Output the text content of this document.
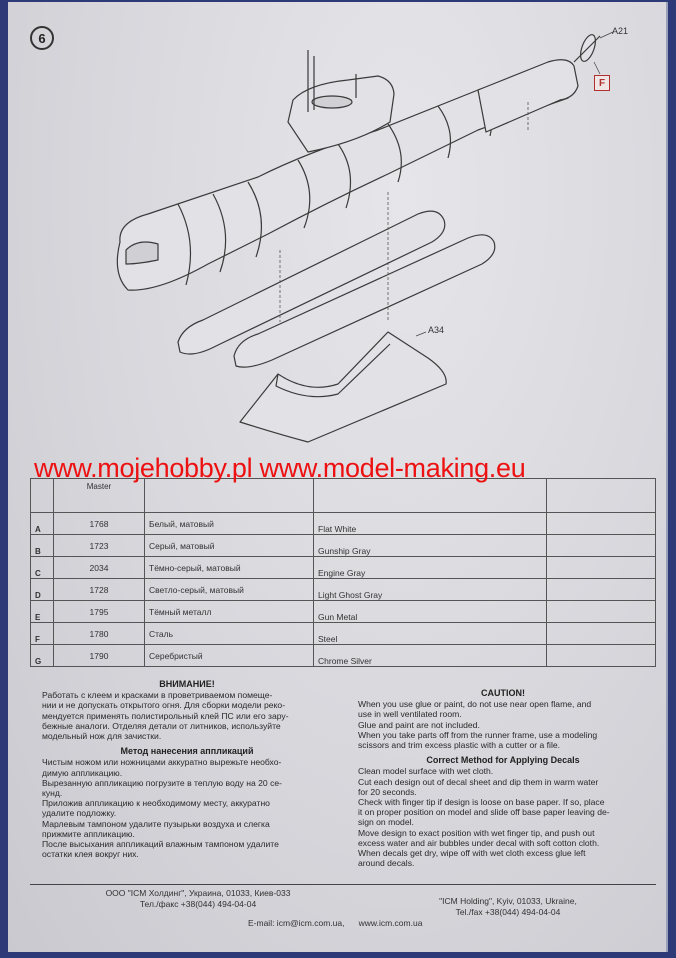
6	A21
A34
F
	Master			
A	1768	Белый, матовый	Flat White	
B	1723	Серый, матовый	Gunship Gray	
C	2034	Тёмно-серый, матовый	Engine Gray	
D	1728	Светло-серый, матовый	Light Ghost Gray	
E	1795	Тёмный металл	Gun Metal	
F	1780	Сталь	Steel	
G	1790	Серебристый	Chrome Silver	
ВНИМАНИЕ!

Работать с клеем и красками в проветриваемом помеще-

нии и не допускать открытого огня. Для сборки модели реко-

мендуется применять полистирольный клей ПС или его зару-

бежные аналоги. Отделяя детали от литников, используйте

модельный нож для зачистки.

Метод нанесения аппликаций

Чистым ножом или ножницами аккуратно вырежьте необхо-

димую аппликацию.

Вырезанную аппликацию погрузите в теплую воду на 20 се-

кунд.

Приложив аппликацию к необходимому месту, аккуратно

удалите подложку.

Марлевым тампоном удалите пузырьки воздуха и слегка

прижмите аппликацию.

После высыхания аппликаций влажным тампоном удалите

остатки клея вокруг них.

CAUTION!

When you use glue or paint, do not use near open flame, and

use in well ventilated room.

Glue and paint are not included.

When you take parts off from the runner frame, use a modeling

scissors and trim excess plastic with a cutter or a file.

Correct Method for Applying Decals

Clean model surface with wet cloth.

Cut each design out of decal sheet and dip them in warm water

for 20 seconds.

Check with finger tip if design is loose on base paper. If so, place

it on proper position on model and slide off base paper leaving de-

sign on model.

Move design to exact position with wet finger tip, and push out

excess water and air bubbles under decal with soft cotton cloth.

When decals get dry, wipe off with wet cloth excess glue left

around decals.

ООО "ICM Холдинг", Украина, 01033, Киев-033
Тел./факс +38(044) 494-04-04	"ICM Holding", Kyiv, 01033, Ukraine,
Tel./fax +38(044) 494-04-04
E-mail: icm@icm.com.ua, www.icm.com.ua
www.mojehobby.pl www.model-making.eu
